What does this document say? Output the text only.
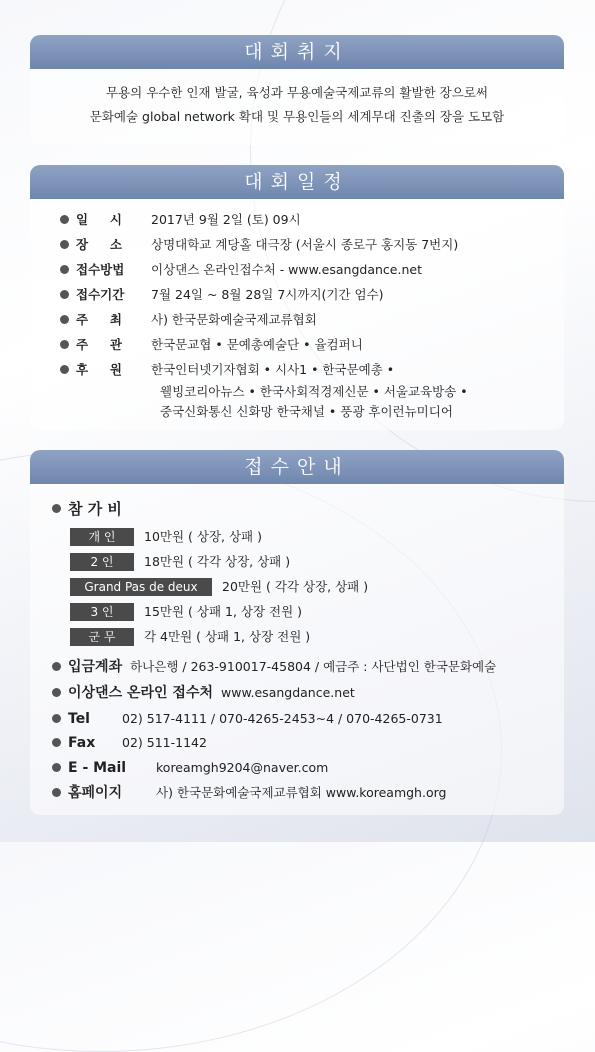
대회취지
무용의 우수한 인재 발굴, 육성과 무용예술국제교류의 활발한 장으로써
문화예술 global network 확대 및 무용인들의 세계무대 진출의 장을 도모함
대회일정
일     시 2017년 9월 2일 (토) 09시
장     소 상명대학교 계당홀 대극장 (서울시 종로구 홍지동 7번지)
접수방법 이상댄스 온라인접수처 - www.esangdance.net
접수기간 7월 24일 ~ 8월 28일 7시까지(기간 엄수)
주     최 사) 한국문화예술국제교류협회
주     관 한국문교협 • 문예총예술단 • 율컴퍼니
후     원 한국인터넷기자협회 • 시사1 • 한국문예총 •
웰빙코리아뉴스 • 한국사회적경제신문 • 서울교육방송 •
중국신화통신 신화망 한국채널 • 풍광 후이런뉴미디어
접수안내
참 가 비
개 인 10만원 ( 상장, 상패 )
2 인 18만원 ( 각각 상장, 상패 )
Grand Pas de deux 20만원 ( 각각 상장, 상패 )
3 인 15만원 ( 상패 1, 상장 전원 )
군 무 각 4만원 ( 상패 1, 상장 전원 )
입금계좌 하나은행 / 263-910017-45804 / 예금주 : 사단법인 한국문화예술
이상댄스 온라인 접수처 www.esangdance.net
Tel	02) 517-4111 / 070-4265-2453~4 / 070-4265-0731
Fax 02) 511-1142
E - Mail koreamgh9204@naver.com
홈페이지	사) 한국문화예술국제교류협회 www.koreamgh.org
